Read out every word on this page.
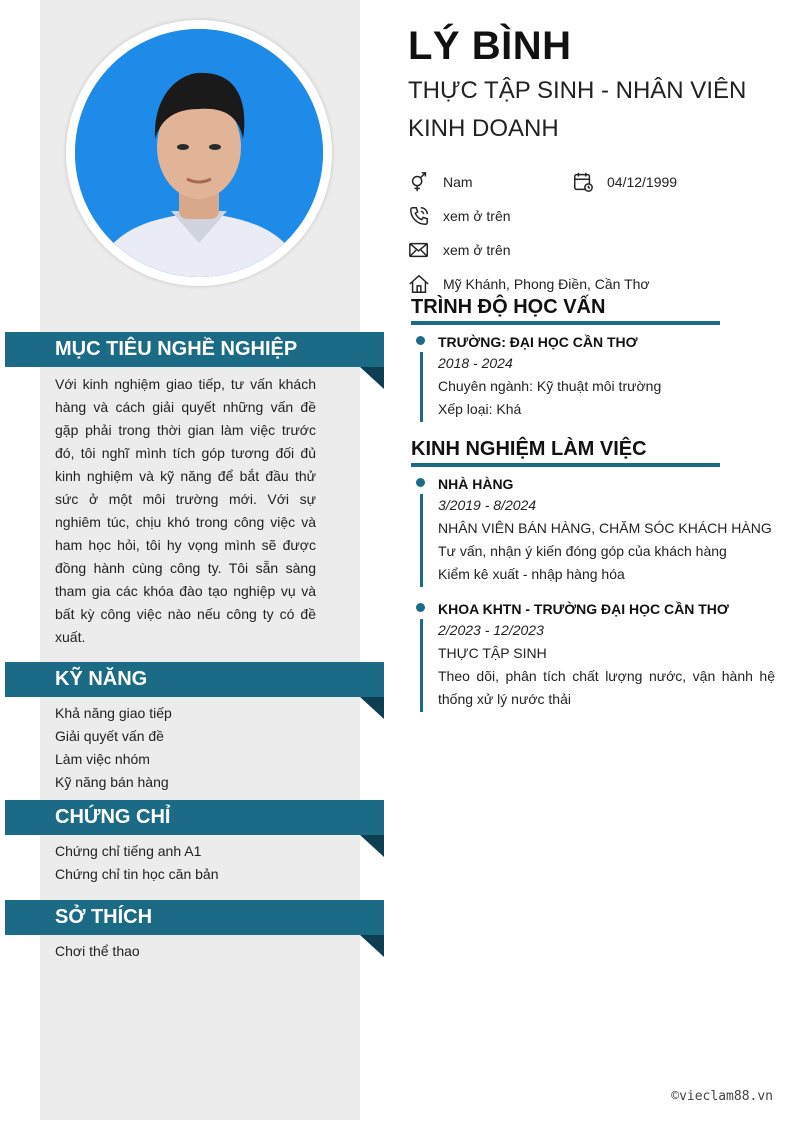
MỤC TIÊU NGHỀ NGHIỆP
Với kinh nghiệm giao tiếp, tư vấn khách hàng và cách giải quyết những vấn đề gặp phải trong thời gian làm việc trước đó, tôi nghĩ mình tích góp tương đối đủ kinh nghiệm và kỹ năng để bắt đầu thử sức ở một môi trường mới. Với sự nghiêm túc, chịu khó trong công việc và ham học hỏi, tôi hy vọng mình sẽ được đồng hành cùng công ty. Tôi sẵn sàng tham gia các khóa đào tạo nghiệp vụ và bất kỳ công việc nào nếu công ty có đề xuất.
KỸ NĂNG
Khả năng giao tiếp
Giải quyết vấn đề
Làm việc nhóm
Kỹ năng bán hàng
CHỨNG CHỈ
Chứng chỉ tiếng anh A1
Chứng chỉ tin học căn bản
SỞ THÍCH
Chơi thể thao
LÝ BÌNH
THỰC TẬP SINH - NHÂN VIÊN KINH DOANH
Nam	04/12/1999
xem ở trên
xem ở trên
Mỹ Khánh, Phong Điền, Cần Thơ
TRÌNH ĐỘ HỌC VẤN
TRƯỜNG: ĐẠI HỌC CẦN THƠ
2018 - 2024
Chuyên ngành: Kỹ thuật môi trường
Xếp loại: Khá
KINH NGHIỆM LÀM VIỆC
NHÀ HÀNG
3/2019 - 8/2024
NHÂN VIÊN BÁN HÀNG, CHĂM SÓC KHÁCH HÀNG
Tư vấn, nhận ý kiến đóng góp của khách hàng
Kiểm kê xuất - nhập hàng hóa
KHOA KHTN - TRƯỜNG ĐẠI HỌC CẦN THƠ
2/2023 - 12/2023
THỰC TẬP SINH
Theo dõi, phân tích chất lượng nước, vận hành hệ thống xử lý nước thải
©vieclam88.vn
